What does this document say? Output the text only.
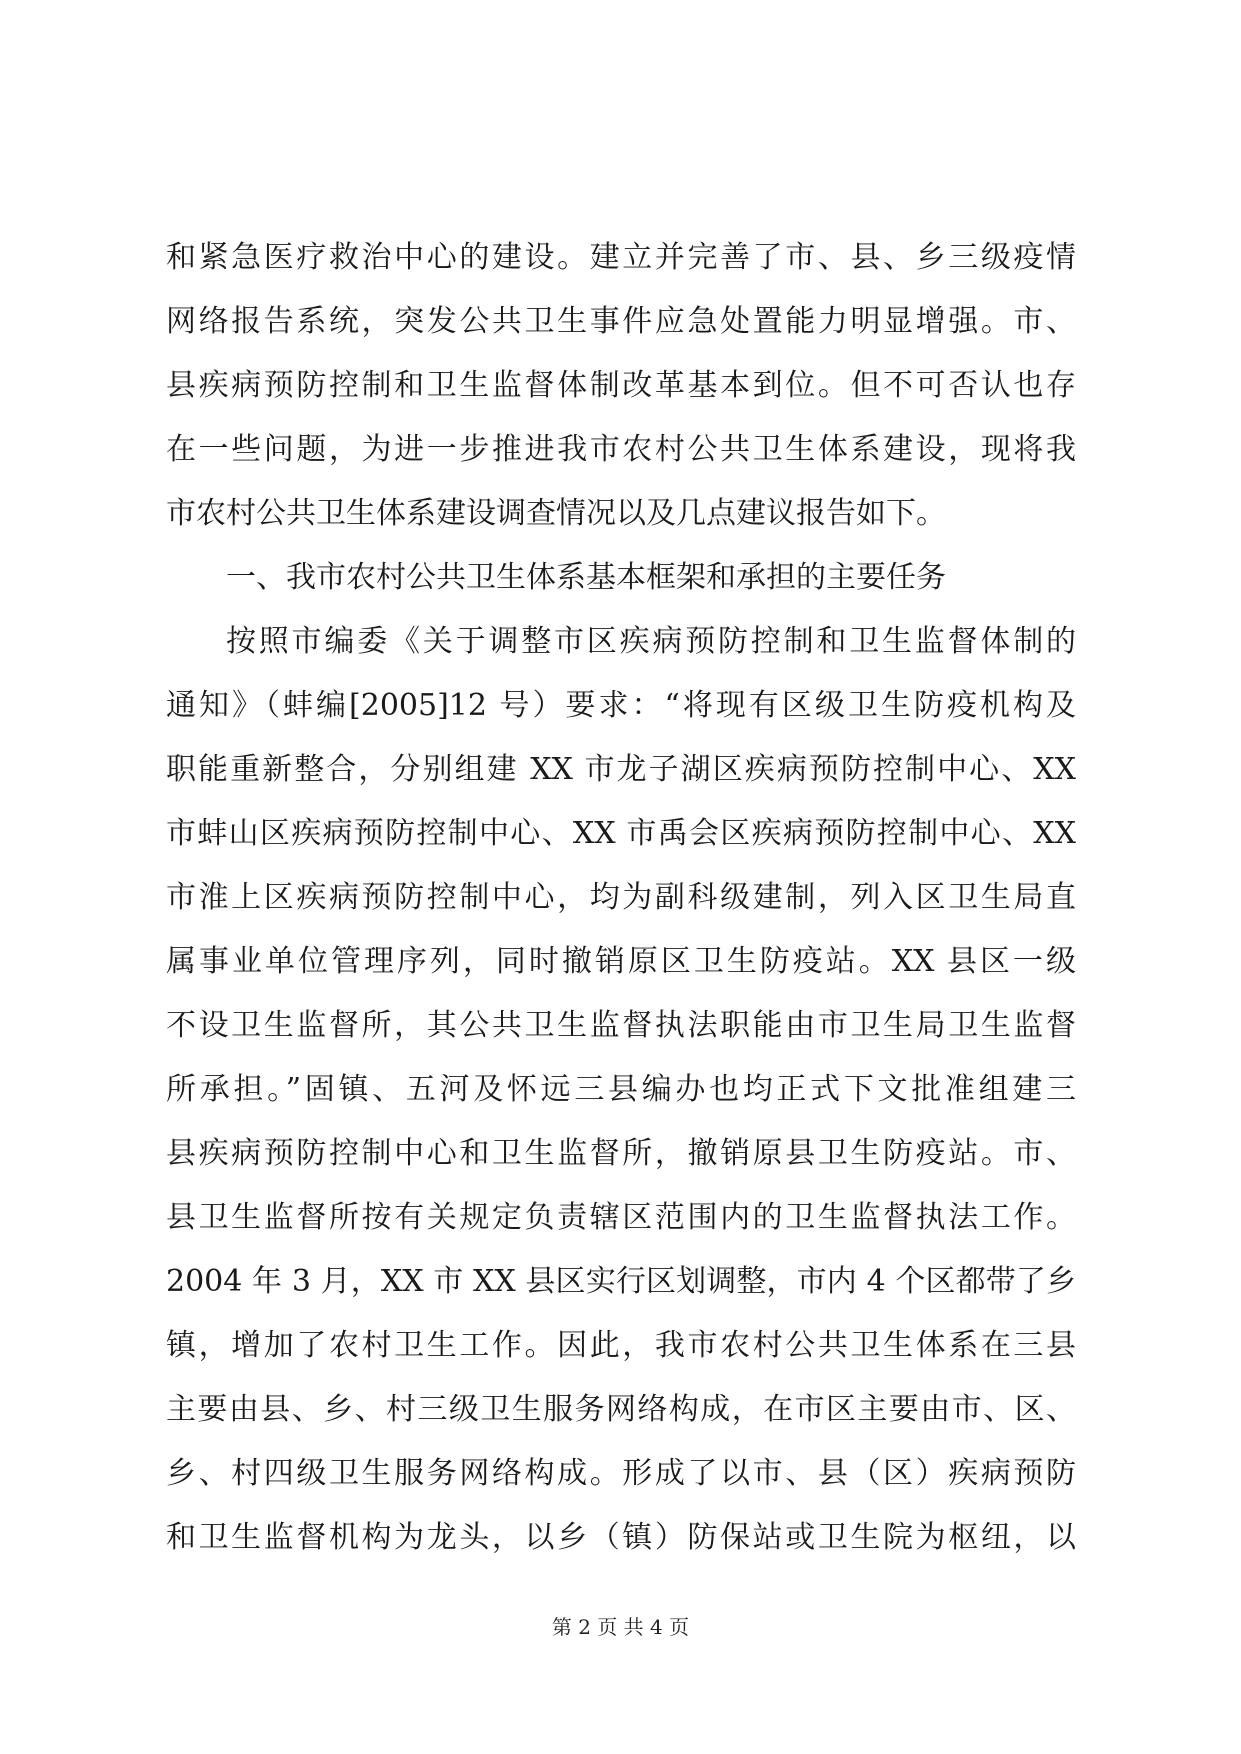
和紧急医疗救治中心的建设。建立并完善了市、县、乡三级疫情
网络报告系统，突发公共卫生事件应急处置能力明显增强。市、
县疾病预防控制和卫生监督体制改革基本到位。但不可否认也存
在一些问题，为进一步推进我市农村公共卫生体系建设，现将我
市农村公共卫生体系建设调查情况以及几点建议报告如下。
一、我市农村公共卫生体系基本框架和承担的主要任务
按照市编委《关于调整市区疾病预防控制和卫生监督体制的
通知》（蚌编[2005]12 号）要求：“将现有区级卫生防疫机构及
职能重新整合，分别组建 XX 市龙子湖区疾病预防控制中心、XX
市蚌山区疾病预防控制中心、XX 市禹会区疾病预防控制中心、XX
市淮上区疾病预防控制中心，均为副科级建制，列入区卫生局直
属事业单位管理序列，同时撤销原区卫生防疫站。XX 县区一级
不设卫生监督所，其公共卫生监督执法职能由市卫生局卫生监督
所承担。”固镇、五河及怀远三县编办也均正式下文批准组建三
县疾病预防控制中心和卫生监督所，撤销原县卫生防疫站。市、
县卫生监督所按有关规定负责辖区范围内的卫生监督执法工作。
2004 年 3 月，XX 市 XX 县区实行区划调整，市内 4 个区都带了乡
镇，增加了农村卫生工作。因此，我市农村公共卫生体系在三县
主要由县、乡、村三级卫生服务网络构成，在市区主要由市、区、
乡、村四级卫生服务网络构成。形成了以市、县（区）疾病预防
和卫生监督机构为龙头，以乡（镇）防保站或卫生院为枢纽，以
第 2 页 共 4 页
